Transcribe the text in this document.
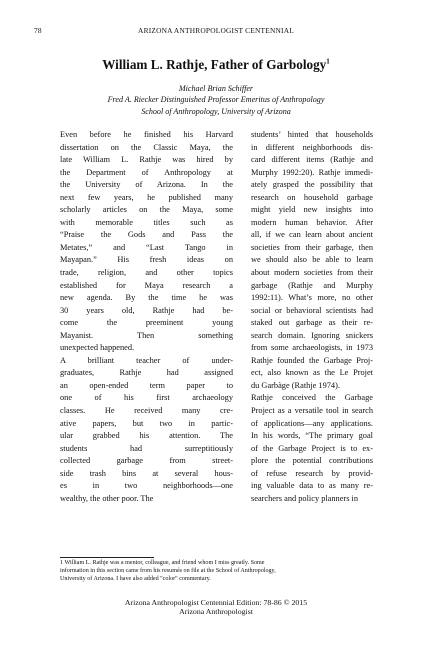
78	ARIZONA ANTHROPOLOGIST CENTENNIAL
William L. Rathje, Father of Garbology$^1$
Michael Brian Schiffer
Fred A. Riecker Distinguished Professor Emeritus of Anthropology
School of Anthropology, University of Arizona
Even before he finished his Harvard
dissertation on the Classic Maya, the
late William L. Rathje was hired by
the Department of Anthropology at
the University of Arizona. In the
next few years, he published many
scholarly articles on the Maya, some
with memorable titles such as
“Praise the Gods and Pass the
Metates,” and “Last Tango in
Mayapan.” His fresh ideas on
trade, religion, and other topics
established for Maya research a
new agenda. By the time he was
30 years old, Rathje had be-
come the preeminent young
Mayanist. Then something
unexpected happened.
A brilliant teacher of under-
graduates, Rathje had assigned
an open-ended term paper to
one of his first archaeology
classes. He received many cre-
ative papers, but two in partic-
ular grabbed his attention. The
students had surreptitiously
collected garbage from street-
side trash bins at several hous-
es in two neighborhoods—one
wealthy, the other poor. The
students’ hinted that households
in different neighborhoods dis-
card different items (Rathje and
Murphy 1992:20). Rathje immedi-
ately grasped the possibility that
research on household garbage
might yield new insights into
modern human behavior. After
all, if we can learn about ancient
societies from their garbage, then
we should also be able to learn
about modern societies from their
garbage (Rathje and Murphy
1992:11). What’s more, no other
social or behavioral scientists had
staked out garbage as their re-
search domain. Ignoring snickers
from some archaeologists, in 1973
Rathje founded the Garbage Proj-
ect, also known as the Le Projet
du Garbàge (Rathje 1974).
Rathje conceived the Garbage
Project as a versatile tool in search
of applications—any applications.
In his words, “The primary goal
of the Garbage Project is to ex-
plore the potential contributions
of refuse research by provid-
ing valuable data to as many re-
searchers and policy planners in
1 William L. Rathje was a mentor, colleague, and friend whom I miss greatly. Some
information in this section came from his resumés on file at the School of Anthropology,
University of Arizona. I have also added "color" commentary.
Arizona Anthropologist Centennial Edition: 78-86 © 2015
Arizona Anthropologist
